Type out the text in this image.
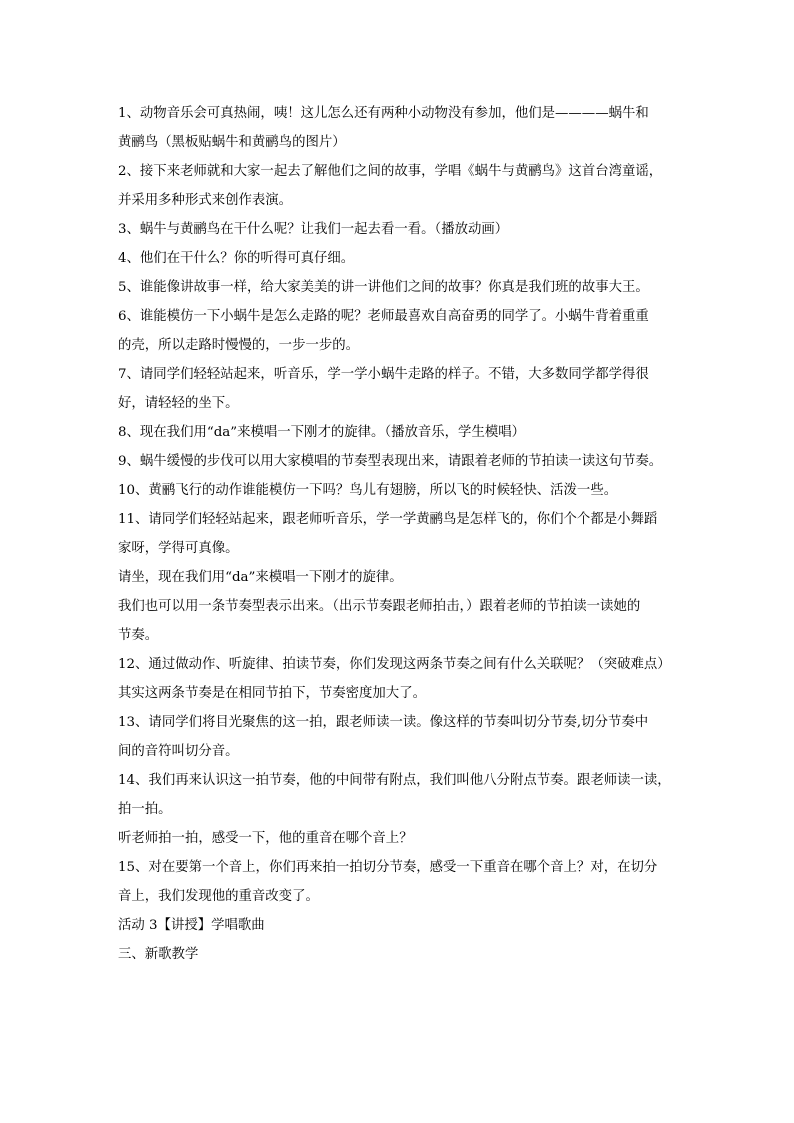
1、动物音乐会可真热闹，咦！这儿怎么还有两种小动物没有参加，他们是————蜗牛和
黄鹂鸟（黑板贴蜗牛和黄鹂鸟的图片）
2、接下来老师就和大家一起去了解他们之间的故事，学唱《蜗牛与黄鹂鸟》这首台湾童谣，
并采用多种形式来创作表演。
3、蜗牛与黄鹂鸟在干什么呢？让我们一起去看一看。（播放动画）
4、他们在干什么？你的听得可真仔细。
5、谁能像讲故事一样，给大家美美的讲一讲他们之间的故事？你真是我们班的故事大王。
6、谁能模仿一下小蜗牛是怎么走路的呢？老师最喜欢自高奋勇的同学了。小蜗牛背着重重
的壳，所以走路时慢慢的，一步一步的。
7、请同学们轻轻站起来，听音乐，学一学小蜗牛走路的样子。不错，大多数同学都学得很
好，请轻轻的坐下。
8、现在我们用“da”来模唱一下刚才的旋律。（播放音乐，学生模唱）
9、蜗牛缓慢的步伐可以用大家模唱的节奏型表现出来，请跟着老师的节拍读一读这句节奏。
10、黄鹂飞行的动作谁能模仿一下吗？鸟儿有翅膀，所以飞的时候轻快、活泼一些。
11、请同学们轻轻站起来，跟老师听音乐，学一学黄鹂鸟是怎样飞的，你们个个都是小舞蹈
家呀，学得可真像。
请坐，现在我们用“da”来模唱一下刚才的旋律。
我们也可以用一条节奏型表示出来。（出示节奏跟老师拍击，）跟着老师的节拍读一读她的
节奏。
12、通过做动作、听旋律、拍读节奏，你们发现这两条节奏之间有什么关联呢？（突破难点）
其实这两条节奏是在相同节拍下，节奏密度加大了。
13、请同学们将目光聚焦的这一拍，跟老师读一读。像这样的节奏叫切分节奏,切分节奏中
间的音符叫切分音。
14、我们再来认识这一拍节奏，他的中间带有附点，我们叫他八分附点节奏。跟老师读一读，
拍一拍。
听老师拍一拍，感受一下，他的重音在哪个音上？
15、对在要第一个音上，你们再来拍一拍切分节奏，感受一下重音在哪个音上？对，在切分
音上，我们发现他的重音改变了。
活动 3【讲授】学唱歌曲
三、新歌教学
